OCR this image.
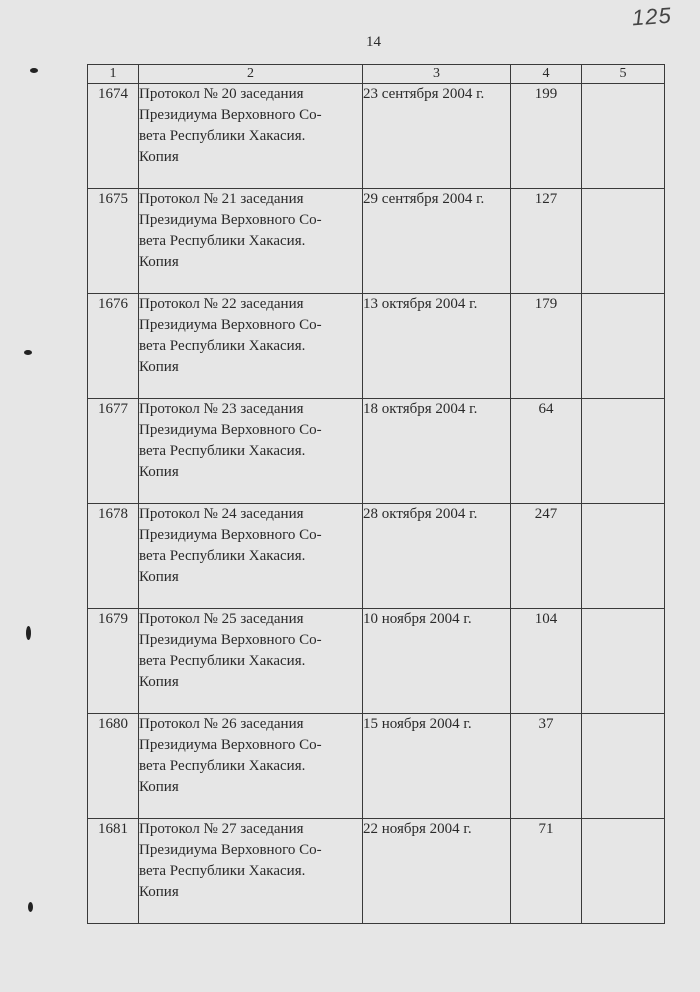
125
14
1	2	3	4	5
1674	Протокол № 20 заседания
Президиума Верховного Со-
вета Республики Хакасия.
Копия	23 сентября 2004 г.	199	
1675	Протокол № 21 заседания
Президиума Верховного Со-
вета Республики Хакасия.
Копия	29 сентября 2004 г.	127	
1676	Протокол № 22 заседания
Президиума Верховного Со-
вета Республики Хакасия.
Копия	13 октября 2004 г.	179	
1677	Протокол № 23 заседания
Президиума Верховного Со-
вета Республики Хакасия.
Копия	18 октября 2004 г.	64	
1678	Протокол № 24 заседания
Президиума Верховного Со-
вета Республики Хакасия.
Копия	28 октября 2004 г.	247	
1679	Протокол № 25 заседания
Президиума Верховного Со-
вета Республики Хакасия.
Копия	10 ноября 2004 г.	104	
1680	Протокол № 26 заседания
Президиума Верховного Со-
вета Республики Хакасия.
Копия	15 ноября 2004 г.	37	
1681	Протокол № 27 заседания
Президиума Верховного Со-
вета Республики Хакасия.
Копия	22 ноября 2004 г.	71	
